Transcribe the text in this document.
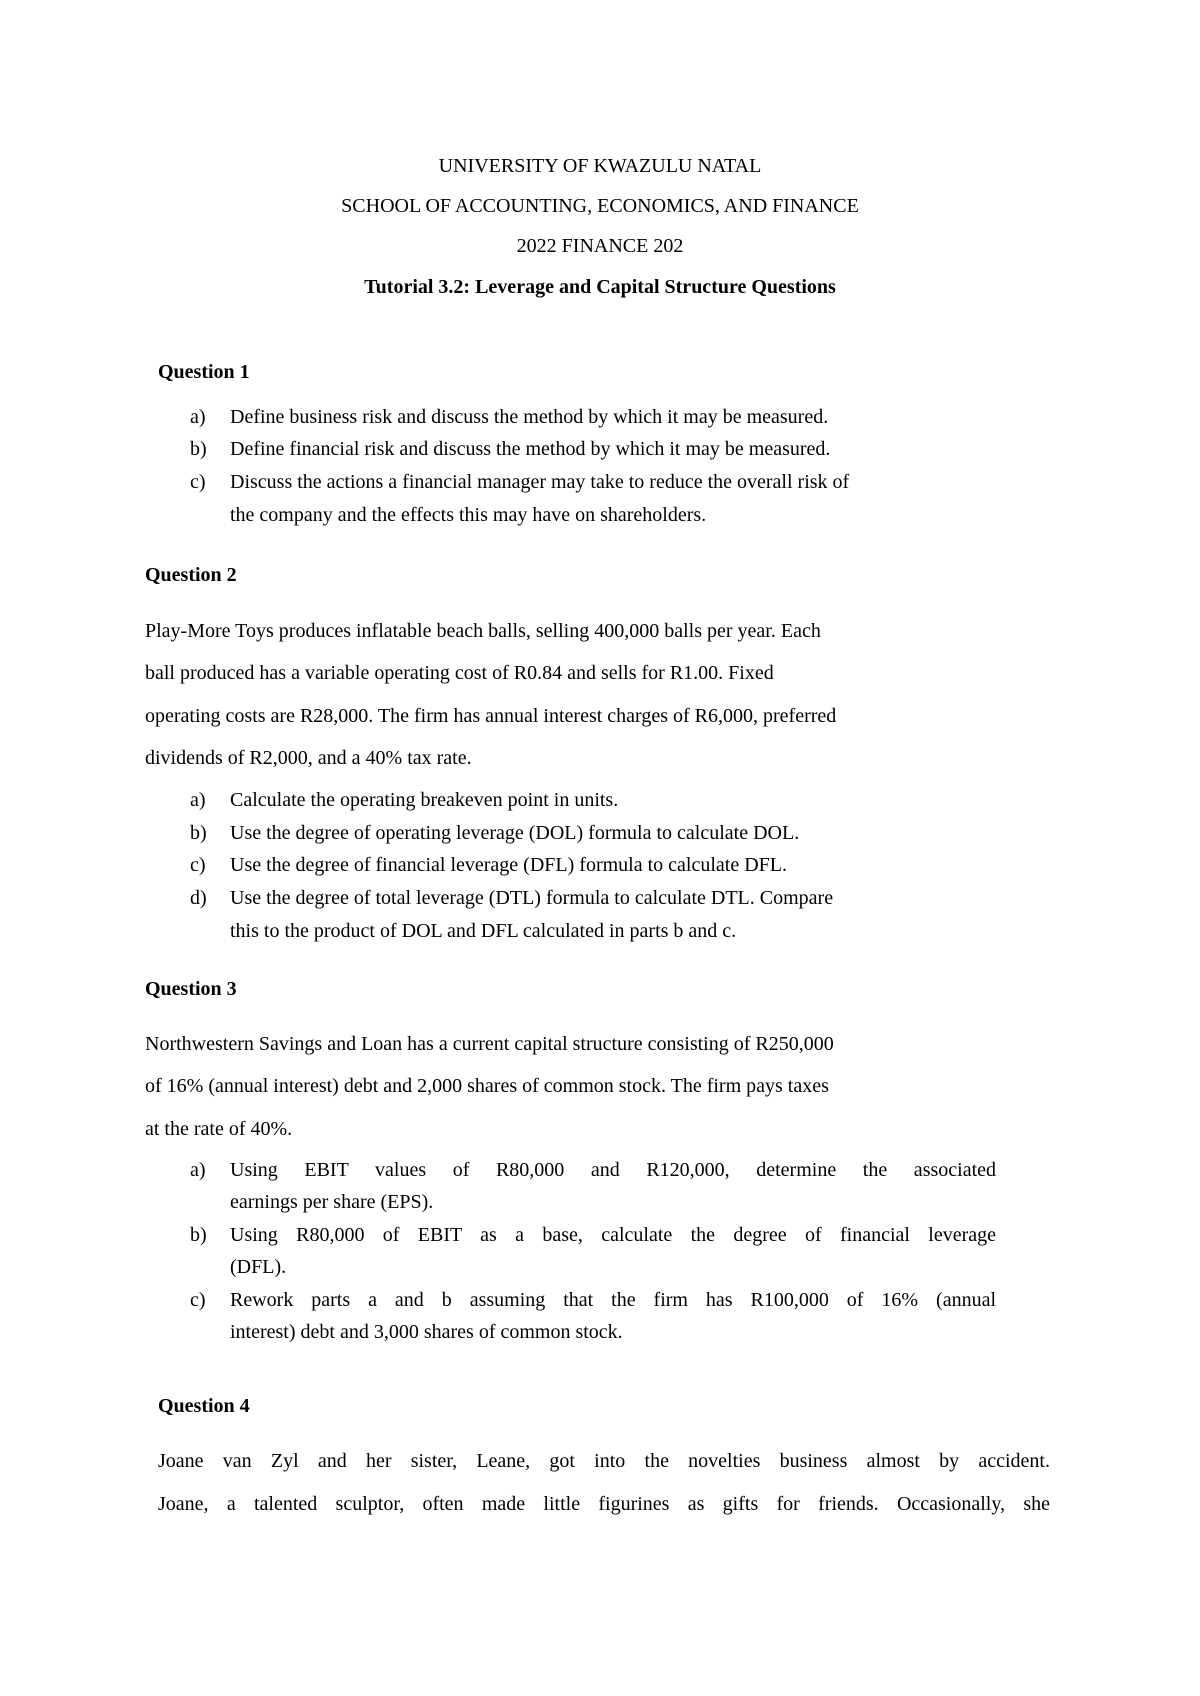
UNIVERSITY OF KWAZULU NATAL

SCHOOL OF ACCOUNTING, ECONOMICS, AND FINANCE

2022 FINANCE 202

Tutorial 3.2: Leverage and Capital Structure Questions

Question 1

a) Define business risk and discuss the method by which it may be measured.
b) Define financial risk and discuss the method by which it may be measured.
c) Discuss the actions a financial manager may take to reduce the overall risk of

the company and the effects this may have on shareholders.

Question 2

Play-More Toys produces inflatable beach balls, selling 400,000 balls per year. Each

ball produced has a variable operating cost of R0.84 and sells for R1.00. Fixed

operating costs are R28,000. The firm has annual interest charges of R6,000, preferred

dividends of R2,000, and a 40% tax rate.

a) Calculate the operating breakeven point in units.
b) Use the degree of operating leverage (DOL) formula to calculate DOL.
c) Use the degree of financial leverage (DFL) formula to calculate DFL.
d) Use the degree of total leverage (DTL) formula to calculate DTL. Compare

this to the product of DOL and DFL calculated in parts b and c.

Question 3

Northwestern Savings and Loan has a current capital structure consisting of R250,000

of 16% (annual interest) debt and 2,000 shares of common stock. The firm pays taxes

at the rate of 40%.

a) Using EBIT values of R80,000 and R120,000, determine the associated

earnings per share (EPS).

b) Using R80,000 of EBIT as a base, calculate the degree of financial leverage

(DFL).

c) Rework parts a and b assuming that the firm has R100,000 of 16% (annual

interest) debt and 3,000 shares of common stock.

Question 4

Joane van Zyl and her sister, Leane, got into the novelties business almost by accident.

Joane, a talented sculptor, often made little figurines as gifts for friends. Occasionally, she
